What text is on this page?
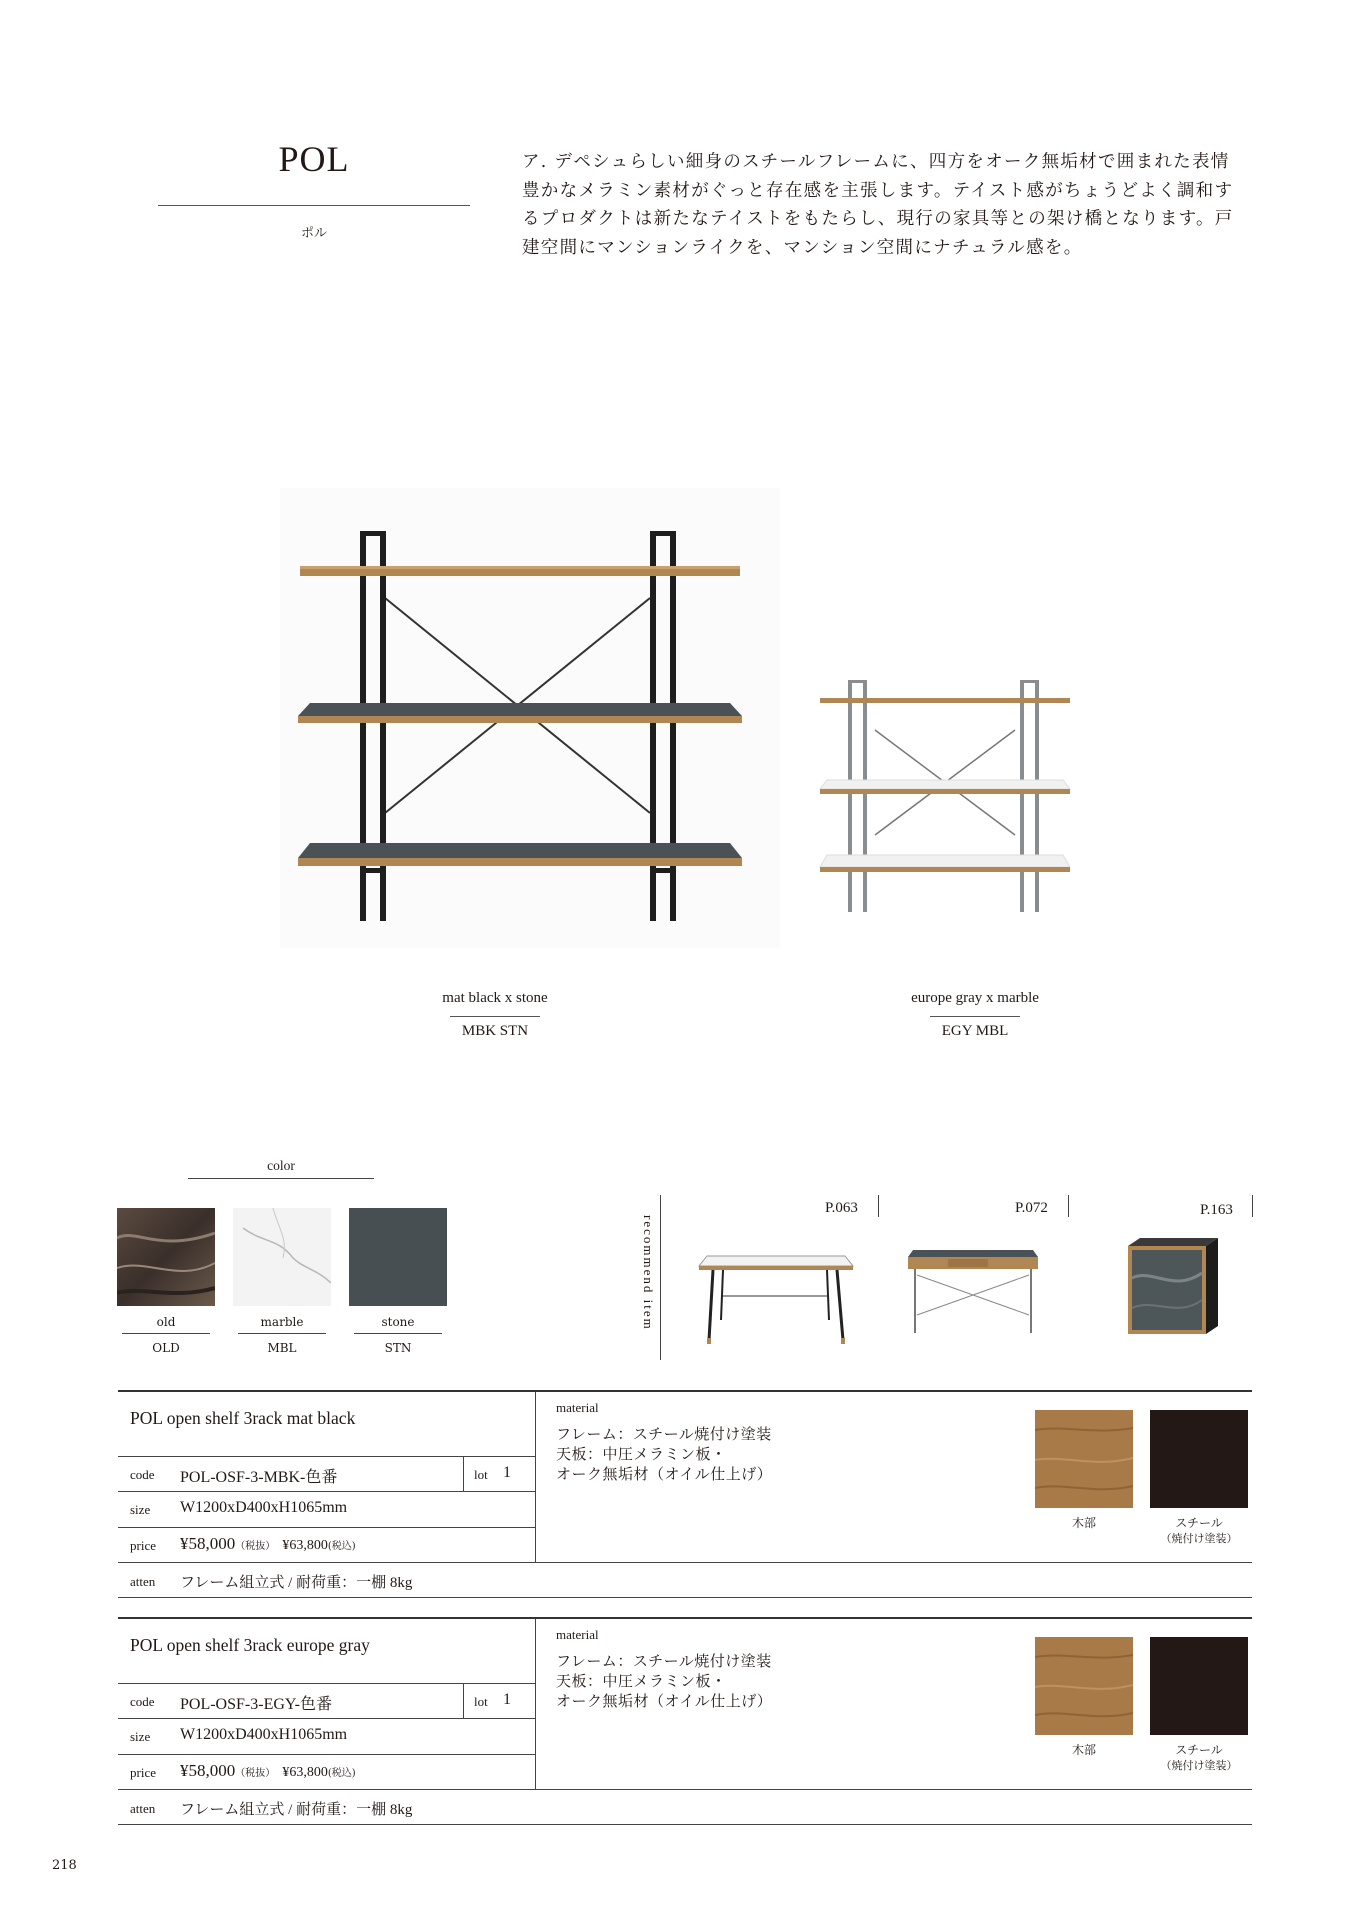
POL
ポル
ア. デペシュらしい細身のスチールフレームに、四方をオーク無垢材で囲まれた表情豊かなメラミン素材がぐっと存在感を主張します。テイスト感がちょうどよく調和するプロダクトは新たなテイストをもたらし、現行の家具等との架け橋となります。戸建空間にマンションライクを、マンション空間にナチュラル感を。
mat black x stone
MBK STN
europe gray x marble
EGY MBL
color
old
OLD
marble
MBL
stone
STN
recommend item
P.063	P.072	P.163
POL open shelf 3rack mat black
code POL-OSF-3-MBK-色番	lot 1
size W1200xD400xH1065mm
price ¥58,000（税抜） ¥63,800(税込)
atten フレーム組立式 / 耐荷重：一棚 8kg
material
フレーム：スチール焼付け塗装
天板：中圧メラミン板・
オーク無垢材（オイル仕上げ）
木部	スチール
（焼付け塗装）
POL open shelf 3rack europe gray
code POL-OSF-3-EGY-色番	lot 1
size W1200xD400xH1065mm
price ¥58,000（税抜） ¥63,800(税込)
atten フレーム組立式 / 耐荷重：一棚 8kg
material
フレーム：スチール焼付け塗装
天板：中圧メラミン板・
オーク無垢材（オイル仕上げ）
木部	スチール
（焼付け塗装）
218
